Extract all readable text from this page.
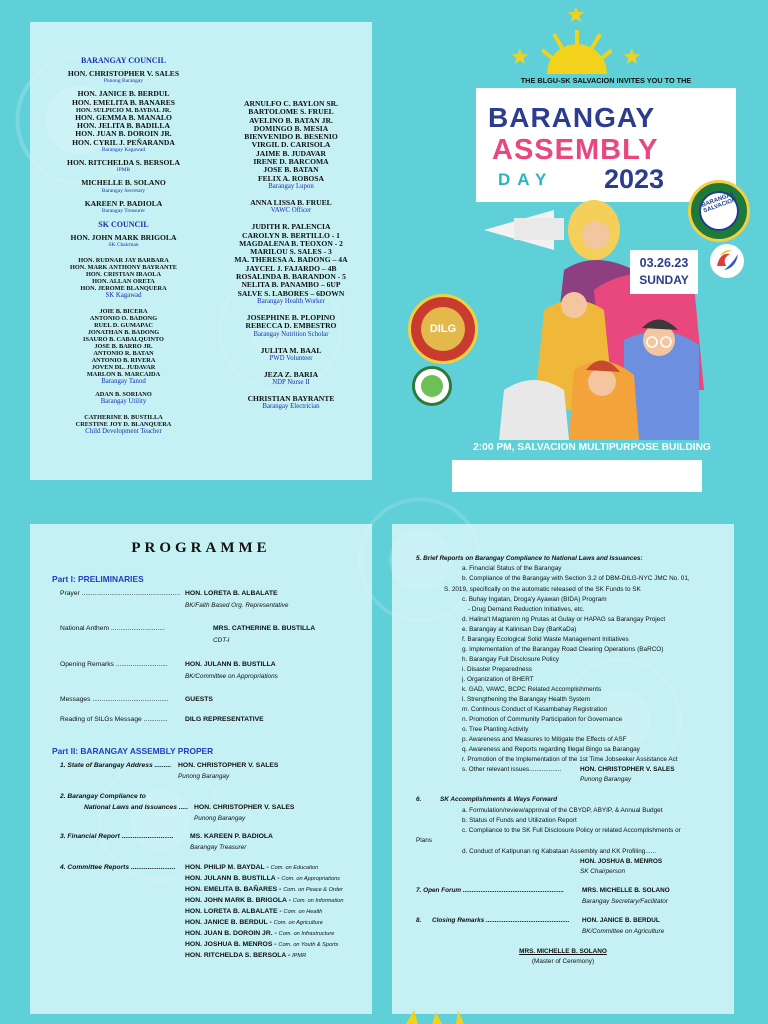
BARANGAY COUNCIL
HON. CHRISTOPHER V. SALES
Punong Barangay
HON. JANICE B. BERDUL
HON. EMELITA B. BANARES
HON. SULPICIO M. BAYDAL JR.
HON. GEMMA B. MANALO
HON. JELITA B. BADILLA
HON. JUAN B. DOROIN JR.
HON. CYRIL J. PEÑARANDA
Barangay Kagawad
HON. RITCHELDA S. BERSOLA
IPMR
MICHELLE B. SOLANO
Barangay Secretary
KAREEN P. BADIOLA
Barangay Treasurer
SK COUNCIL
HON. JOHN MARK BRIGOLA
SK Chairman
HON. RUDNAR JAY BARBARA
HON. MARK ANTHONY BAYRANTE
HON. CRISTIAN IRAOLA
HON. ALLAN ORETA
HON. JEROME BLANQUERA
SK Kagawad
JOIE B. BICERA
ANTONIO O. BADONG
RUEL D. GUMAPAC
JONATHAN B. BADONG
ISAURO B. CABALQUINTO
JOSE B. BARRO JR.
ANTONIO R. BATAN
ANTONIO B. RIVERA
JOVEN DL. JUDAVAR
MARLON B. MARCAIDA
Barangay Tanod
ADAN B. SORIANO
Barangay Utility
CATHERINE B. BUSTILLA
CRESTINE JOY D. BLANQUERA
Child Development Teacher
ARNULFO C. BAYLON SR.
BARTOLOME S. FRUEL
AVELINO B. BATAN JR.
DOMINGO B. MESIA
BIENVENIDO B. BESENIO
VIRGIL D. CARISOLA
JAIME B. JUDAVAR
IRENE D. BARCOMA
JOSE B. BATAN
FELIX A. ROBOSA
Barangay Lupon
ANNA LISSA B. FRUEL
VAWC Officer
JUDITH R. PALENCIA
CAROLYN B. BERTILLO - 1
MAGDALENA B. TEOXON - 2
MARILOU S. SALES - 3
MA. THERESA A. BADONG – 4A
JAYCEL J. FAJARDO – 4B
ROSALINDA B. BARANDON - 5
NELITA B. PANAMBO – 6UP
SALVE S. LABORES – 6DOWN
Barangay Health Worker
JOSEPHINE B. PLOPINO
REBECCA D. EMBESTRO
Barangay Nutrition Scholar
JULITA M. BAAL
PWD Volunteer
JEZA Z. BARIA
NDP Nurse II
CHRISTIAN BAYRANTE
Barangay Electrician
★
★	★
THE BLGU-SK SALVACION INVITES YOU TO THE
BARANGAY
ASSEMBLY
DAY 2023
BARANGAY SALVACION
DILG
03.26.23
SUNDAY
2:00 PM, SALVACION MULTIPURPOSE BUILDING
PROGRAMME
Part I: PRELIMINARIES
Prayer ..................................................... HON. LORETA B. ALBALATE
BK/Faith Based Org. Representative
National Anthem .............................	MRS. CATHERINE B. BUSTILLA
CDT-I
Opening Remarks ............................	HON. JULANN B. BUSTILLA
BK/Committee on Appropriations
Messages ......................................... GUESTS
Reading of SILGs Message .............	DILG REPRESENTATIVE
Part II: BARANGAY ASSEMBLY PROPER
1. State of Barangay Address ......... HON. CHRISTOPHER V. SALES
Punong Barangay
2. Barangay Compliance to
National Laws and Issuances ..... HON. CHRISTOPHER V. SALES
Punong Barangay
3. Financial Report ............................ MS. KAREEN P. BADIOLA
Barangay Treasurer
4. Committee Reports ........................ HON. PHILIP M. BAYDAL - Com. on Education
HON. JULANN B. BUSTILLA - Com. on Appropriations
HON. EMELITA B. BAÑARES - Com. on Peace & Order
HON. JOHN MARK B. BRIGOLA - Com. on Information
HON. LORETA B. ALBALATE - Com. on Health
HON. JANICE B. BERDUL - Com. on Agriculture
HON. JUAN B. DOROIN JR. - Com. on Infrastructure
HON. JOSHUA B. MENROS - Com. on Youth & Sports
HON. RITCHELDA S. BERSOLA - IPMR
5. Brief Reports on Barangay Compliance to National Laws and Issuances:
a. Financial Status of the Barangay
b. Compliance of the Barangay with Section 3.2 of DBM-DILG-NYC JMC No. 01,
S. 2019, specifically on the automatic released of the SK Funds to SK
c. Buhay Ingatan, Droga'y Ayawan (BIDA) Program
- Drug Demand Reduction Initiatives, etc.
d. Halina't Magtanim ng Prutas at Gulay or HAPAG sa Barangay Project
e. Barangay at Kalinisan Day (BarKaDa)
f. Barangay Ecological Solid Waste Management Initiatives
g. Implementation of the Barangay Road Clearing Operations (BaRCO)
h. Barangay Full Disclosure Policy
i. Disaster Preparedness
j. Organization of BHERT
k. GAD, VAWC, BCPC Related Accomplishments
l. Strengthening the Barangay Health System
m. Continous Conduct of Kasambahay Registration
n. Promotion of Community Participation for Governance
o. Tree Planting Activity
p. Awareness and Measures to Mitigate the Effects of ASF
q. Awareness and Reports regarding Illegal Bingo sa Barangay
r. Promotion of the Implementation of the 1st Time Jobseeker Assistance Act
s. Other relevant issues..................	HON. CHRISTOPHER V. SALES
Punong Barangay
6.	SK Accomplishments & Ways Forward
a. Formulation/review/approval of the CBYDP, ABYIP, & Annual Budget
b. Status of Funds and Utilization Report
c. Compliance to the SK Full Disclosure Policy or related Accomplishments or
Plans
d. Conduct of Katipunan ng Kabataan Assembly and KK Profiling......
HON. JOSHUA B. MENROS
SK Chairperson
7. Open Forum .........................................................	MRS. MICHELLE B. SOLANO
Barangay Secretary/Facilitator
8. Closing Remarks ............................................... HON. JANICE B. BERDUL
BK/Committee on Agriculture
MRS. MICHELLE B. SOLANO
(Master of Ceremony)
